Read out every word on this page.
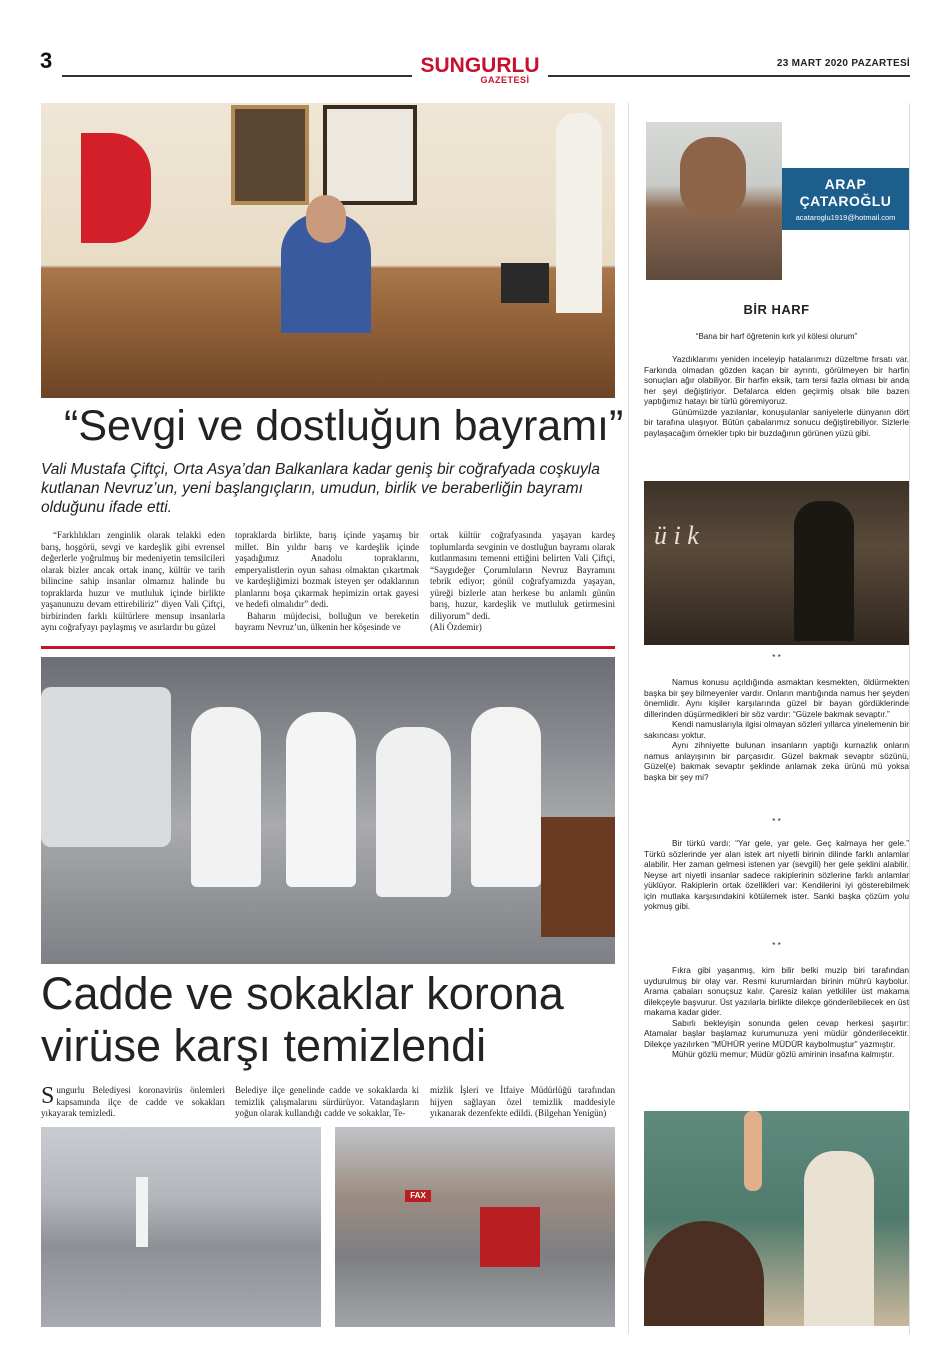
3	SUNGURLU
GAZETESİ
23 MART 2020 PAZARTESİ
“Sevgi ve dostluğun bayramı”
Vali Mustafa Çiftçi, Orta Asya’dan Balkanlara kadar geniş bir coğrafyada coşkuyla kutlanan Nevruz’un, yeni başlangıçların, umudun, birlik ve beraberliğin bayramı olduğunu ifade etti.

“Farklılıkları zenginlik olarak telakki eden barış, hoşgörü, sevgi ve kardeşlik gibi evrensel değerlerle yoğrulmuş bir medeniyetin temsilcileri olarak bizler ancak ortak inanç, kültür ve tarih bilincine sahip insanlar olmamız halinde bu topraklarda huzur ve mutluluk içinde birlikte yaşanunuzu devam ettirebiliriz” diyen Vali Çiftçi, birbirinden farklı kültürlere mensup insanlarla aynı coğrafyayı paylaşmış ve asırlardır bu güzel

topraklarda birlikte, barış içinde yaşamış bir millet. Bin yıldır barış ve kardeşlik içinde yaşadığımız Anadolu topraklarını, emperyalistlerin oyun sahası olmaktan çıkartmak ve kardeşliğimizi bozmak isteyen şer odaklarının planlarını boşa çıkarmak hepimizin ortak gayesi ve hedefi olmalıdır” dedi.

Baharın müjdecisi, bolluğun ve bereketin bayramı Nevruz’un, ülkenin her köşesinde ve

ortak kültür coğrafyasında yaşayan kardeş toplumlarda sevginin ve dostluğun bayramı olarak kutlanmasını temenni ettiğini belirten Vali Çiftçi, “Saygıdeğer Çorumluların Nevruz Bayramını tebrik ediyor; gönül coğrafyamızda yaşayan, yüreği bizlerle atan herkese bu anlamlı günün barış, huzur, kardeşlik ve mutluluk getirmesini diliyorum” dedi.

(Ali Özdemir)

Cadde ve sokaklar korona virüse karşı temizlendi

Sungurlu Belediyesi koronavirüs önlemleri kapsamında ilçe de cadde ve sokakları yıkayarak temizledi.

Belediye ilçe genelinde cadde ve sokaklarda ki temizlik çalışmalarını sürdürüyor. Vatandaşların yoğun olarak kullandığı cadde ve sokaklar, Te-

mizlik İşleri ve İtfaiye Müdürlüğü tarafından hijyen sağlayan özel temizlik maddesiyle yıkanarak dezenfekte edildi. (Bilgehan Yenigün)

FAX
ARAP
ÇATAROĞLU
acataroglu1919@hotmail.com
BİR HARF
“Bana bir harf öğretenin kırk yıl kölesi olurum”

Yazdıklarımı yeniden inceleyip hatalarımızı düzeltme fırsatı var. Farkında olmadan gözden kaçan bir ayrıntı, görülmeyen bir harfin sonuçları ağır olabiliyor. Bir harfin eksik, tam tersi fazla olması bir anda her şeyi değiştiriyor. Defalarca elden geçirmiş olsak bile bazen yaptığımız hatayı bir türlü göremiyoruz.

Günümüzde yazılanlar, konuşulanlar saniyelerle dünyanın dört bir tarafına ulaşıyor. Bütün çabalarımız sonucu değiştirebiliyor. Sizlerle paylaşacağım örnekler tıpkı bir buzdağının görünen yüzü gibi.

ü i k
* *

Namus konusu açıldığında asmaktan kesmekten, öldürmekten başka bir şey bilmeyenler vardır. Onların mantığında namus her şeyden önemlidir. Aynı kişiler karşılarında güzel bir bayan gördüklerinde dillerinden düşürmedikleri bir söz vardır: “Güzele bakmak sevaptır.”

Kendi namuslarıyla ilgisi olmayan sözleri yıllarca yinelemenin bir sakıncası yoktur.

Aynı zihniyette bulunan insanların yaptığı kurnazlık onların namus anlayışının bir parçasıdır. Güzel bakmak sevaptır sözünü, Güzel(e) bakmak sevaptır şeklinde anlamak zeka ürünü mü yoksa başka bir şey mi?

* *

Bir türkü vardı: “Yar gele, yar gele. Geç kalmaya her gele.” Türkü sözlerinde yer alan istek art niyetli birinin dilinde farklı anlamlar alabilir. Her zaman gelmesi istenen yar (sevgili) her gele şeklini alabilir. Neyse art niyetli insanlar sadece rakiplerinin sözlerine farklı anlamlar yüklüyor. Rakiplerin ortak özellikleri var: Kendilerini iyi gösterebilmek için mutlaka karşısındakini kötülemek ister. Sanki başka çözüm yolu yokmuş gibi.

* *

Fıkra gibi yaşanmış, kim bilir belki muzip biri tarafından uydurulmuş bir olay var. Resmi kurumlardan birinin mührü kaybolur. Arama çabaları sonuçsuz kalır. Çaresiz kalan yetkililer üst makama dilekçeyle başvurur. Üst yazılarla birlikte dilekçe gönderilebilecek en üst makama kadar gider.

Sabırlı bekleyişin sonunda gelen cevap herkesi şaşırtır: Atamalar başlar başlamaz kurumunuza yeni müdür gönderilecektir. Dilekçe yazılırken “MÜHÜR yerine MÜDÜR kaybolmuştur” yazmıştır.

Mühür gözlü memur; Müdür gözlü amirinin insafına kalmıştır.
